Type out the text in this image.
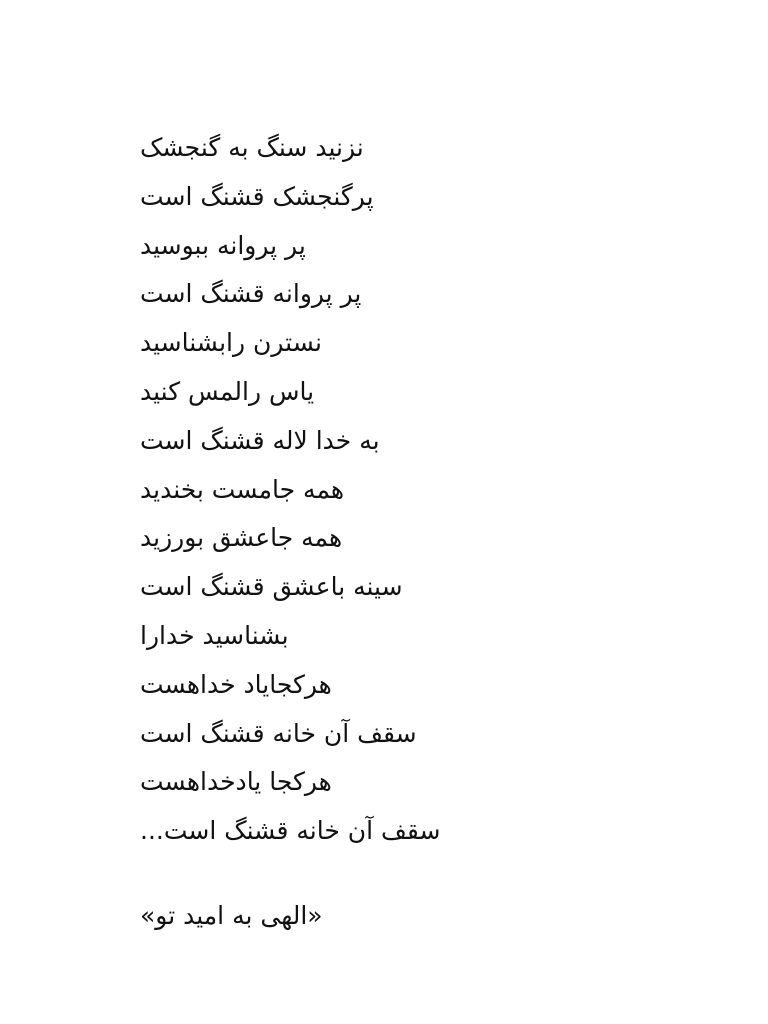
نزنید سنگ به گنجشک
پرگنجشک قشنگ است
پر پروانه ببوسید
پر پروانه قشنگ است
نسترن رابشناسید
یاس رالمس کنید
به خدا لاله قشنگ است
همه جامست بخندید
همه جاعشق بورزید
سینه باعشق قشنگ است
بشناسید خدارا
هرکجایاد خداهست
سقف آن خانه قشنگ است
هرکجا یادخداهست
سقف آن خانه قشنگ است...
«الهی به امید تو»
